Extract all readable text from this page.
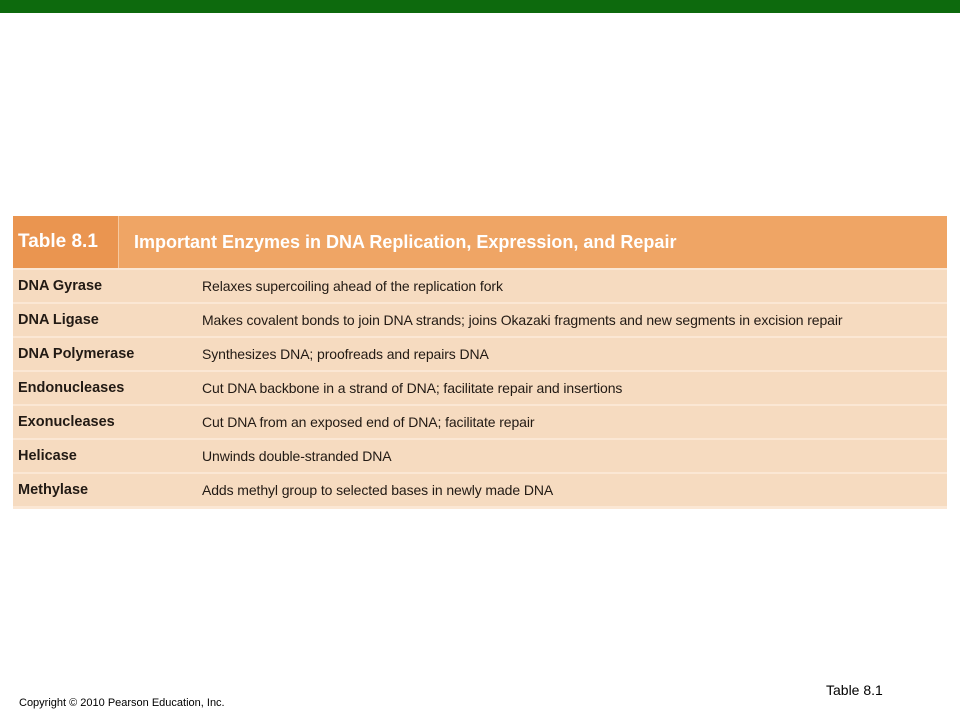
Table 8.1	Important Enzymes in DNA Replication, Expression, and Repair
DNA Gyrase	Relaxes supercoiling ahead of the replication fork
DNA Ligase	Makes covalent bonds to join DNA strands; joins Okazaki fragments and new segments in excision repair
DNA Polymerase	Synthesizes DNA; proofreads and repairs DNA
Endonucleases	Cut DNA backbone in a strand of DNA; facilitate repair and insertions
Exonucleases	Cut DNA from an exposed end of DNA; facilitate repair
Helicase	Unwinds double-stranded DNA
Methylase	Adds methyl group to selected bases in newly made DNA
Table 8.1
Copyright © 2010 Pearson Education, Inc.
